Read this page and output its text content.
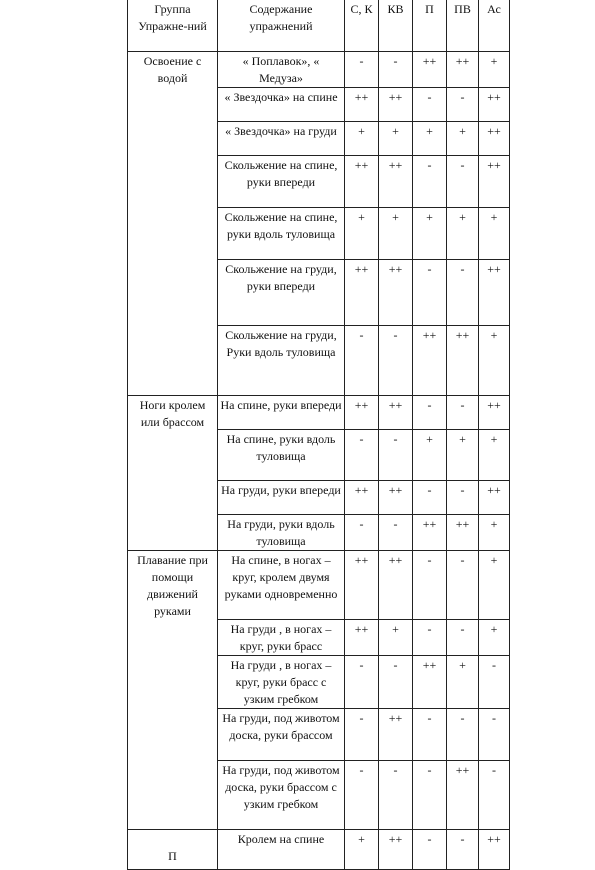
Группа Упражне-ний	Содержание упражнений	С, К	КВ	П	ПВ	Ас
Освоение с водой	« Поплавок», « Медуза»	-	-	++	++	+
	« Звездочка» на спине	++	++	-	-	++
	« Звездочка» на груди	+	+	+	+	++
	Скольжение на спине, руки впереди	++	++	-	-	++
	Скольжение на спине, руки вдоль туловища	+	+	+	+	+
	Скольжение на груди, руки впереди	++	++	-	-	++
	Скольжение на груди, Руки вдоль туловища	-	-	++	++	+
Ноги кролем или брассом	На спине, руки впереди	++	++	-	-	++
	На спине, руки вдоль туловища	-	-	+	+	+
	На груди, руки впереди	++	++	-	-	++
	На груди, руки вдоль туловища	-	-	++	++	+
Плавание при помощи движений руками	На спине, в ногах – круг, кролем двумя руками одновременно	++	++	-	-	+
	На груди , в ногах –круг, руки брасс	++	+	-	-	+
	На груди , в ногах –круг, руки брасс с узким гребком	-	-	++	+	-
	На груди, под животом доска, руки брассом	-	++	-	-	-
	На груди, под животом доска, руки брассом с узким гребком	-	-	-	++	-
П	Кролем на спине	+	++	-	-	++
